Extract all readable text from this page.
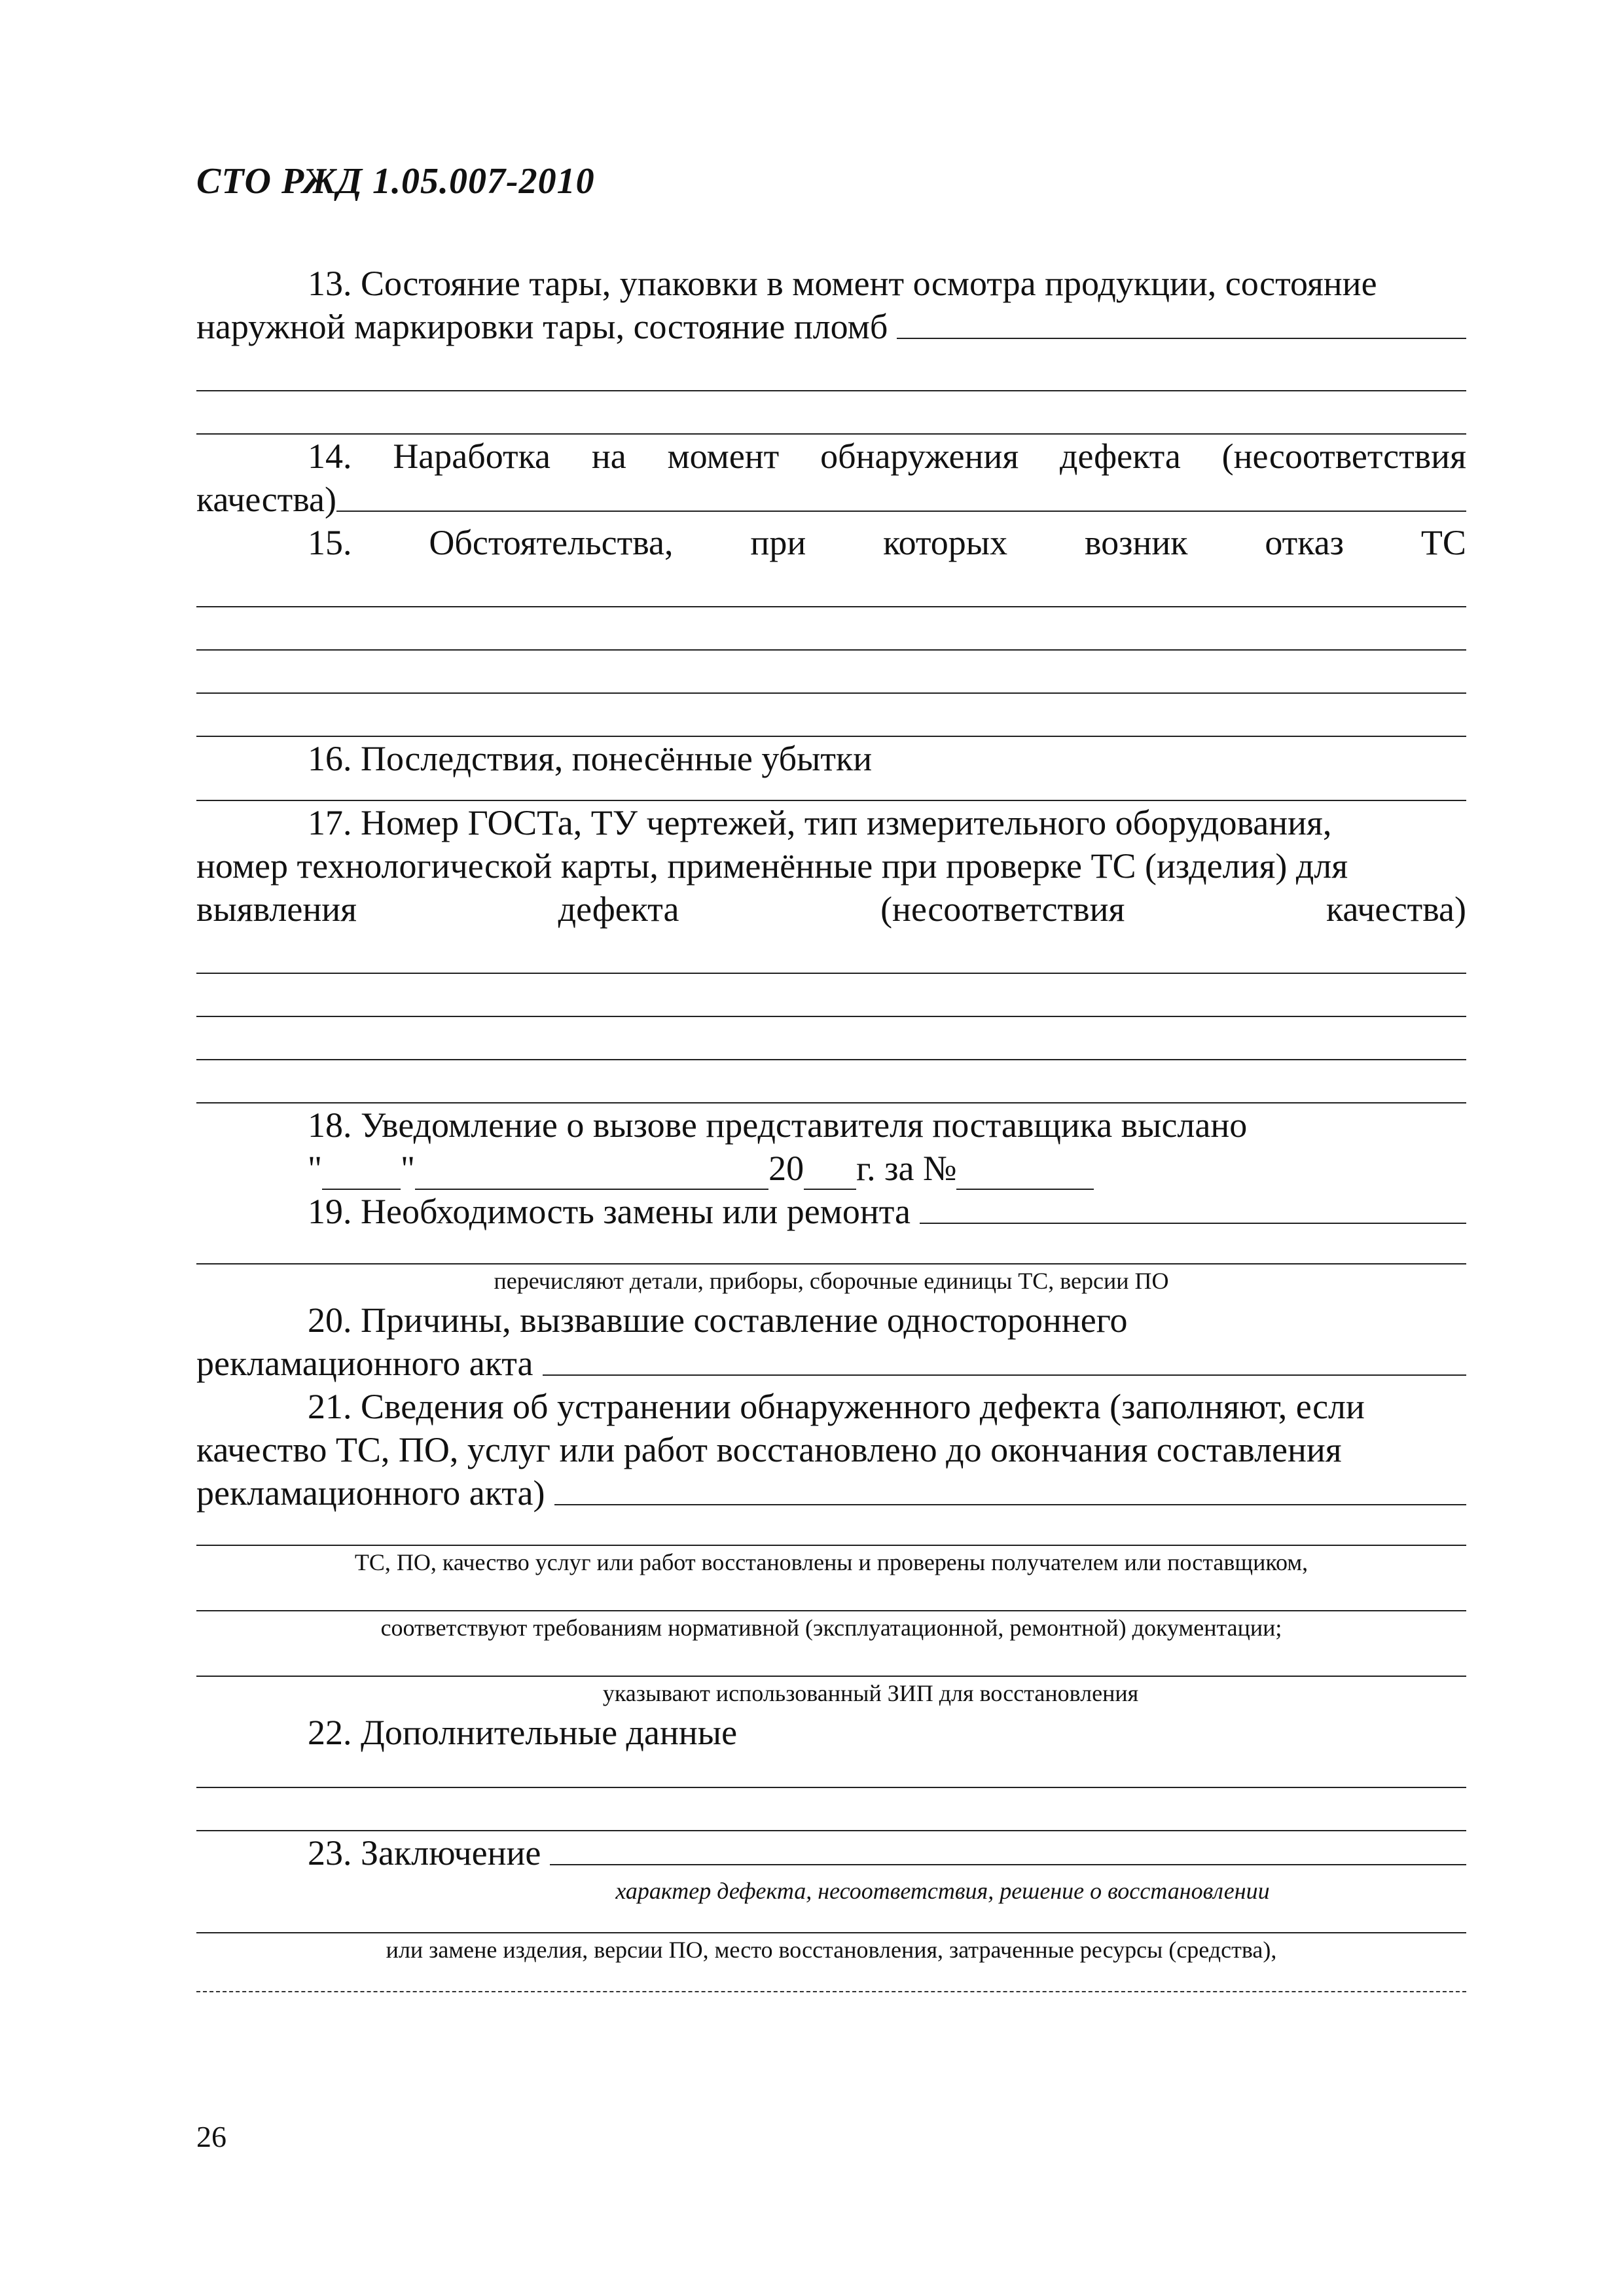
СТО РЖД 1.05.007-2010

13. Состояние тары, упаковки в момент осмотра продукции, состояние

наружной маркировки тары, состояние пломб
14. Наработка на момент обнаружения дефекта (несоответствия
качества)
15. Обстоятельства, при которых возник отказ ТС

16. Последствия, понесённые убытки

17. Номер ГОСТа, ТУ чертежей, тип измерительного оборудования,

номер технологической карты, применённые при проверке ТС (изделия) для

выявления	дефекта	(несоответствия	качества)

18. Уведомление о вызове представителя поставщика выслано

" "	20 г. за №
19. Необходимость замены или ремонта
перечисляют детали, приборы, сборочные единицы ТС, версии ПО

20. Причины, вызвавшие составление одностороннего

рекламационного акта

21. Сведения об устранении обнаруженного дефекта (заполняют, если

качество ТС, ПО, услуг или работ восстановлено до окончания составления

рекламационного акта)
ТС, ПО, качество услуг или работ восстановлены и проверены получателем или поставщиком,
соответствуют требованиям нормативной (эксплуатационной, ремонтной) документации;
указывают использованный ЗИП для восстановления

22. Дополнительные данные

23. Заключение
характер дефекта, несоответствия, решение о восстановлении
или замене изделия, версии ПО, место восстановления, затраченные ресурсы (средства),
26
